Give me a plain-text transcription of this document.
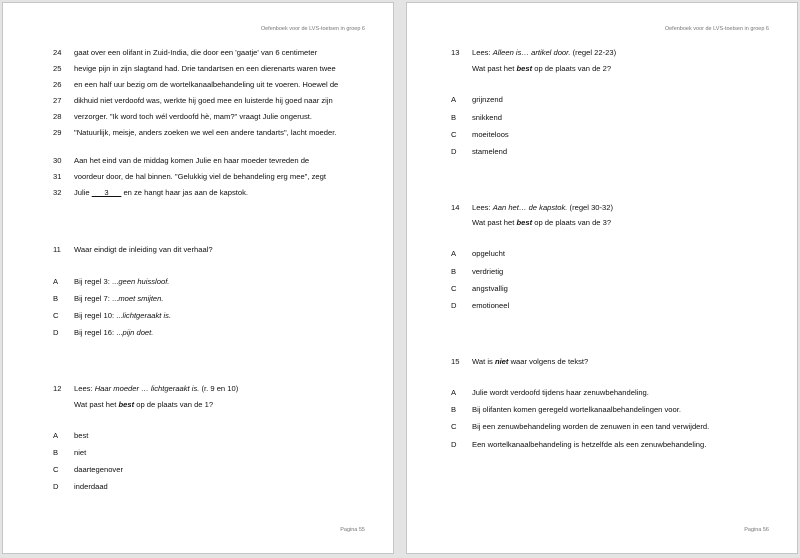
Oefenboek voor de LVS-toetsen in groep 6
24	gaat over een olifant in Zuid-India, die door een 'gaatje' van 6 centimeter
25	hevige pijn in zijn slagtand had. Drie tandartsen en een dierenarts waren twee
26	en een half uur bezig om de wortelkanaalbehandeling uit te voeren. Hoewel de
27	dikhuid niet verdoofd was, werkte hij goed mee en luisterde hij goed naar zijn
28	verzorger. "Ik word toch wél verdoofd hè, mam?" vraagt Julie ongerust.
29	"Natuurlijk, meisje, anders zoeken we wel een andere tandarts", lacht moeder.
30	Aan het eind van de middag komen Julie en haar moeder tevreden de
31	voordeur door, de hal binnen. "Gelukkig viel de behandeling erg mee", zegt
32	Julie ___3___ en ze hangt haar jas aan de kapstok.
11 Waar eindigt de inleiding van dit verhaal?
A Bij regel 3: ...geen huissloof.
B Bij regel 7: ...moet smijten.
C Bij regel 10: ...lichtgeraakt is.
D Bij regel 16: ...pijn doet.
12 Lees: Haar moeder … lichtgeraakt is. (r. 9 en 10)
Wat past het best op de plaats van de 1?
A best
B niet
C daartegenover
D inderdaad
Pagina 55
Oefenboek voor de LVS-toetsen in groep 6
13 Lees: Alleen is… artikel door. (regel 22-23)
Wat past het best op de plaats van de 2?
A grijnzend
B snikkend
C moeiteloos
D stamelend
14 Lees: Aan het… de kapstok. (regel 30-32)
Wat past het best op de plaats van de 3?
A opgelucht
B verdrietig
C angstvallig
D emotioneel
15 Wat is niet waar volgens de tekst?
A Julie wordt verdoofd tijdens haar zenuwbehandeling.
B Bij olifanten komen geregeld wortelkanaalbehandelingen voor.
C Bij een zenuwbehandeling worden de zenuwen in een tand verwijderd.
D Een wortelkanaalbehandeling is hetzelfde als een zenuwbehandeling.
Pagina 56
